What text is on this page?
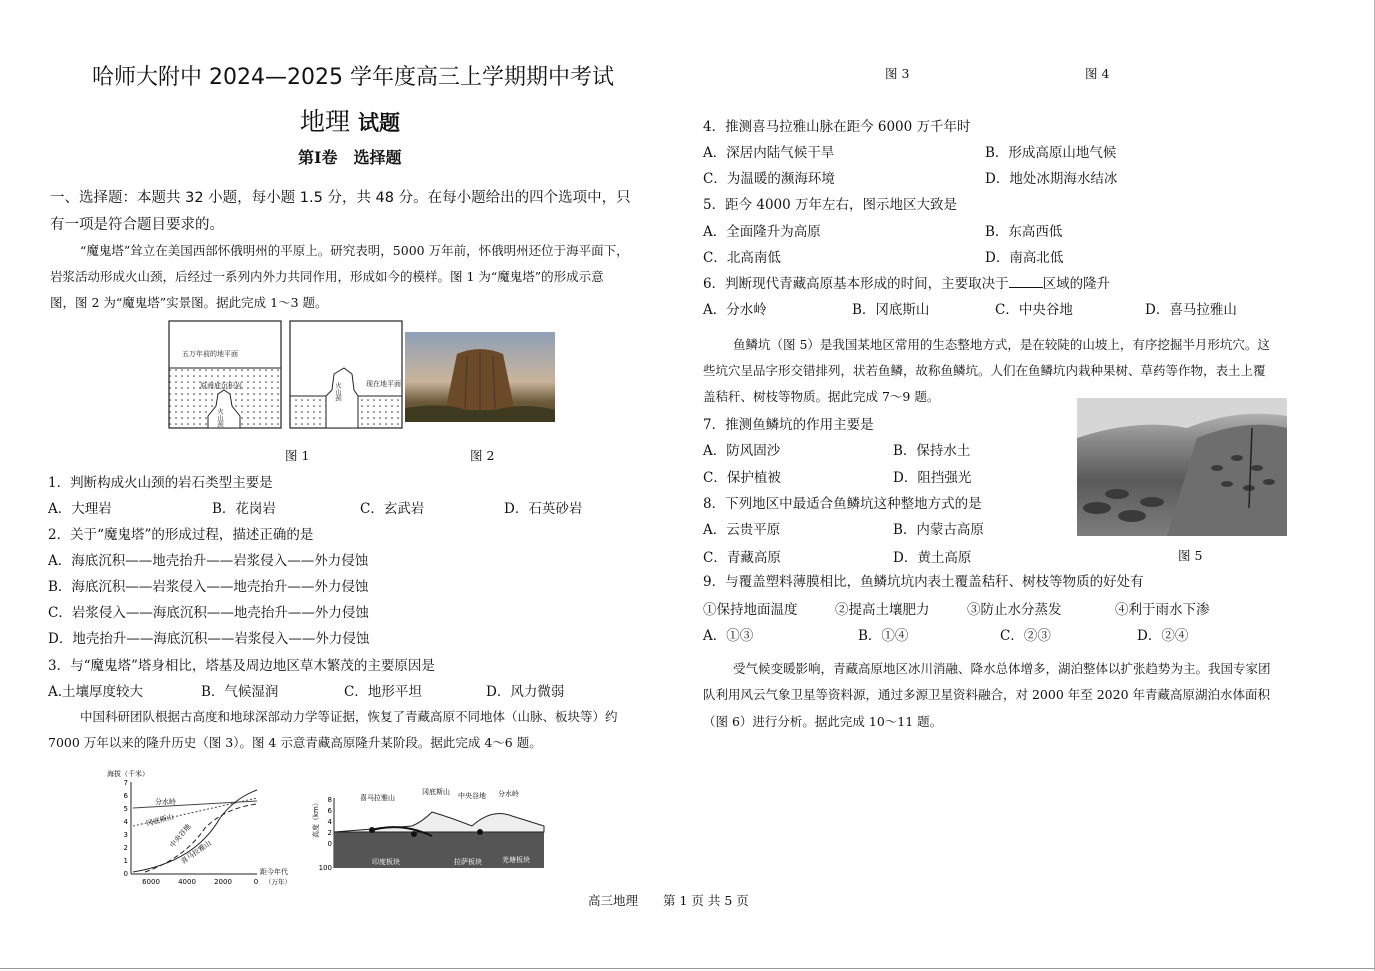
哈师大附中 2024—2025 学年度高三上学期期中考试
地理 试题
第Ⅰ卷　选择题
一、选择题：本题共 32 小题，每小题 1.5 分，共 48 分。在每小题给出的四个选项中，只
有一项是符合题目要求的。
“魔鬼塔”耸立在美国西部怀俄明州的平原上。研究表明，5000 万年前，怀俄明州还位于海平面下，
岩浆活动形成火山颈，后经过一系列内外力共同作用，形成如今的模样。图 1 为“魔鬼塔”的形成示意
图，图 2 为“魔鬼塔”实景图。据此完成 1～3 题。
五万年前的地平面
原海底沉积岩
火山颈
火山颈	现在地平面
图 1	图 2
1．判断构成火山颈的岩石类型主要是
A．大理岩	B．花岗岩	C．玄武岩	D．石英砂岩
2．关于“魔鬼塔”的形成过程，描述正确的是
A．海底沉积——地壳抬升——岩浆侵入——外力侵蚀
B．海底沉积——岩浆侵入——地壳抬升——外力侵蚀
C．岩浆侵入——海底沉积——地壳抬升——外力侵蚀
D．地壳抬升——海底沉积——岩浆侵入——外力侵蚀
3．与“魔鬼塔”塔身相比，塔基及周边地区草木繁茂的主要原因是
A.土壤厚度较大	B．气候湿润	C．地形平坦	D．风力微弱
中国科研团队根据古高度和地球深部动力学等证据，恢复了青藏高原不同地体（山脉、板块等）约
7000 万年以来的隆升历史（图 3）。图 4 示意青藏高原隆升某阶段。据此完成 4～6 题。
海拔（千米）
7
6
5
4
3
2
1
0
6000	4000	2000	0
距今年代
（万年）
分水岭
冈底斯山
中央谷地
喜马拉雅山
高度（km） 8
6
4
2
0
100
喜马拉雅山
冈底斯山 中央谷地 分水岭
印度板块	拉萨板块	羌塘板块
高三地理　　第 1 页 共 5 页
图 3	图 4
4．推测喜马拉雅山脉在距今 6000 万千年时
A．深居内陆气候干旱	B．形成高原山地气候
C．为温暖的濒海环境	D．地处冰期海水结冰
5．距今 4000 万年左右，图示地区大致是
A．全面隆升为高原	B．东高西低
C．北高南低	D．南高北低
6．判断现代青藏高原基本形成的时间，主要取决于	区域的隆升
A．分水岭	B．冈底斯山	C．中央谷地	D．喜马拉雅山
鱼鳞坑（图 5）是我国某地区常用的生态整地方式，是在较陡的山坡上，有序挖掘半月形坑穴。这
些坑穴呈品字形交错排列，状若鱼鳞，故称鱼鳞坑。人们在鱼鳞坑内栽种果树、草药等作物，表土上覆
盖秸秆、树枝等物质。据此完成 7～9 题。
7．推测鱼鳞坑的作用主要是
A．防风固沙	B．保持水土
C．保护植被	D．阻挡强光
8．下列地区中最适合鱼鳞坑这种整地方式的是
A．云贵平原	B．内蒙古高原
C．青藏高原	D．黄土高原	图 5
9．与覆盖塑料薄膜相比，鱼鳞坑坑内表土覆盖秸秆、树枝等物质的好处有
①保持地面温度	②提高土壤肥力	③防止水分蒸发	④利于雨水下渗
A．①③	B．①④	C．②③	D．②④
受气候变暖影响，青藏高原地区冰川消融、降水总体增多，湖泊整体以扩张趋势为主。我国专家团
队利用风云气象卫星等资料源，通过多源卫星资料融合，对 2000 年至 2020 年青藏高原湖泊水体面积
（图 6）进行分析。据此完成 10～11 题。
